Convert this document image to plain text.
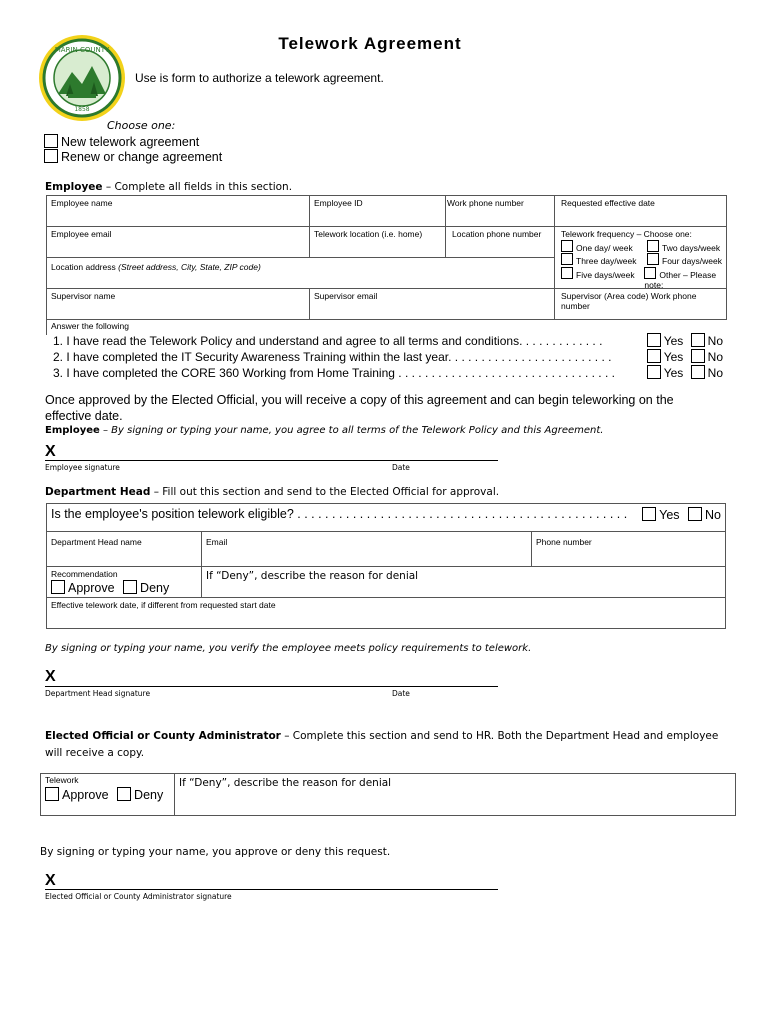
MARIN COUNTY
1858
Telework Agreement
Use is form to authorize a telework agreement.
Choose one:
New telework agreement
Renew or change agreement
Employee – Complete all fields in this section.
Employee name	Employee ID	Work phone number	Requested effective date
Employee email	Telework location (i.e. home)	Location phone number	Telework frequency – Choose one:
One day/ week	Two days/week
Three day/week	Four days/week
Five days/week	Other – Please note:
Location address (Street address, City, State, ZIP code)
Supervisor name	Supervisor email	Supervisor (Area code) Work phone number
Answer the following
1. I have read the Telework Policy and understand and agree to all terms and conditions. . . . . . . . . . . . .	Yes No
2. I have completed the IT Security Awareness Training within the last year. . . . . . . . . . . . . . . . . . . . . . . . .	Yes No
3. I have completed the CORE 360 Working from Home Training . . . . . . . . . . . . . . . . . . . . . . . . . . . . . . . . .	Yes No
Once approved by the Elected Official, you will receive a copy of this agreement and can begin teleworking on the effective date.
Employee – By signing or typing your name, you agree to all terms of the Telework Policy and this Agreement.
X
Employee signature	Date
Department Head – Fill out this section and send to the Elected Official for approval.
Is the employee's position telework eligible? . . . . . . . . . . . . . . . . . . . . . . . . . . . . . . . . . . . . . . . . . . . . . . . .	Yes No
Department Head name	Email	Phone number
Recommendation
Approve Deny
If “Deny”, describe the reason for denial
Effective telework date, if different from requested start date
By signing or typing your name, you verify the employee meets policy requirements to telework.
X
Department Head signature	Date
Elected Official or County Administrator – Complete this section and send to HR. Both the Department Head and employee will receive a copy.
Telework
Approve Deny
If “Deny”, describe the reason for denial
By signing or typing your name, you approve or deny this request.
X
Elected Official or County Administrator signature
